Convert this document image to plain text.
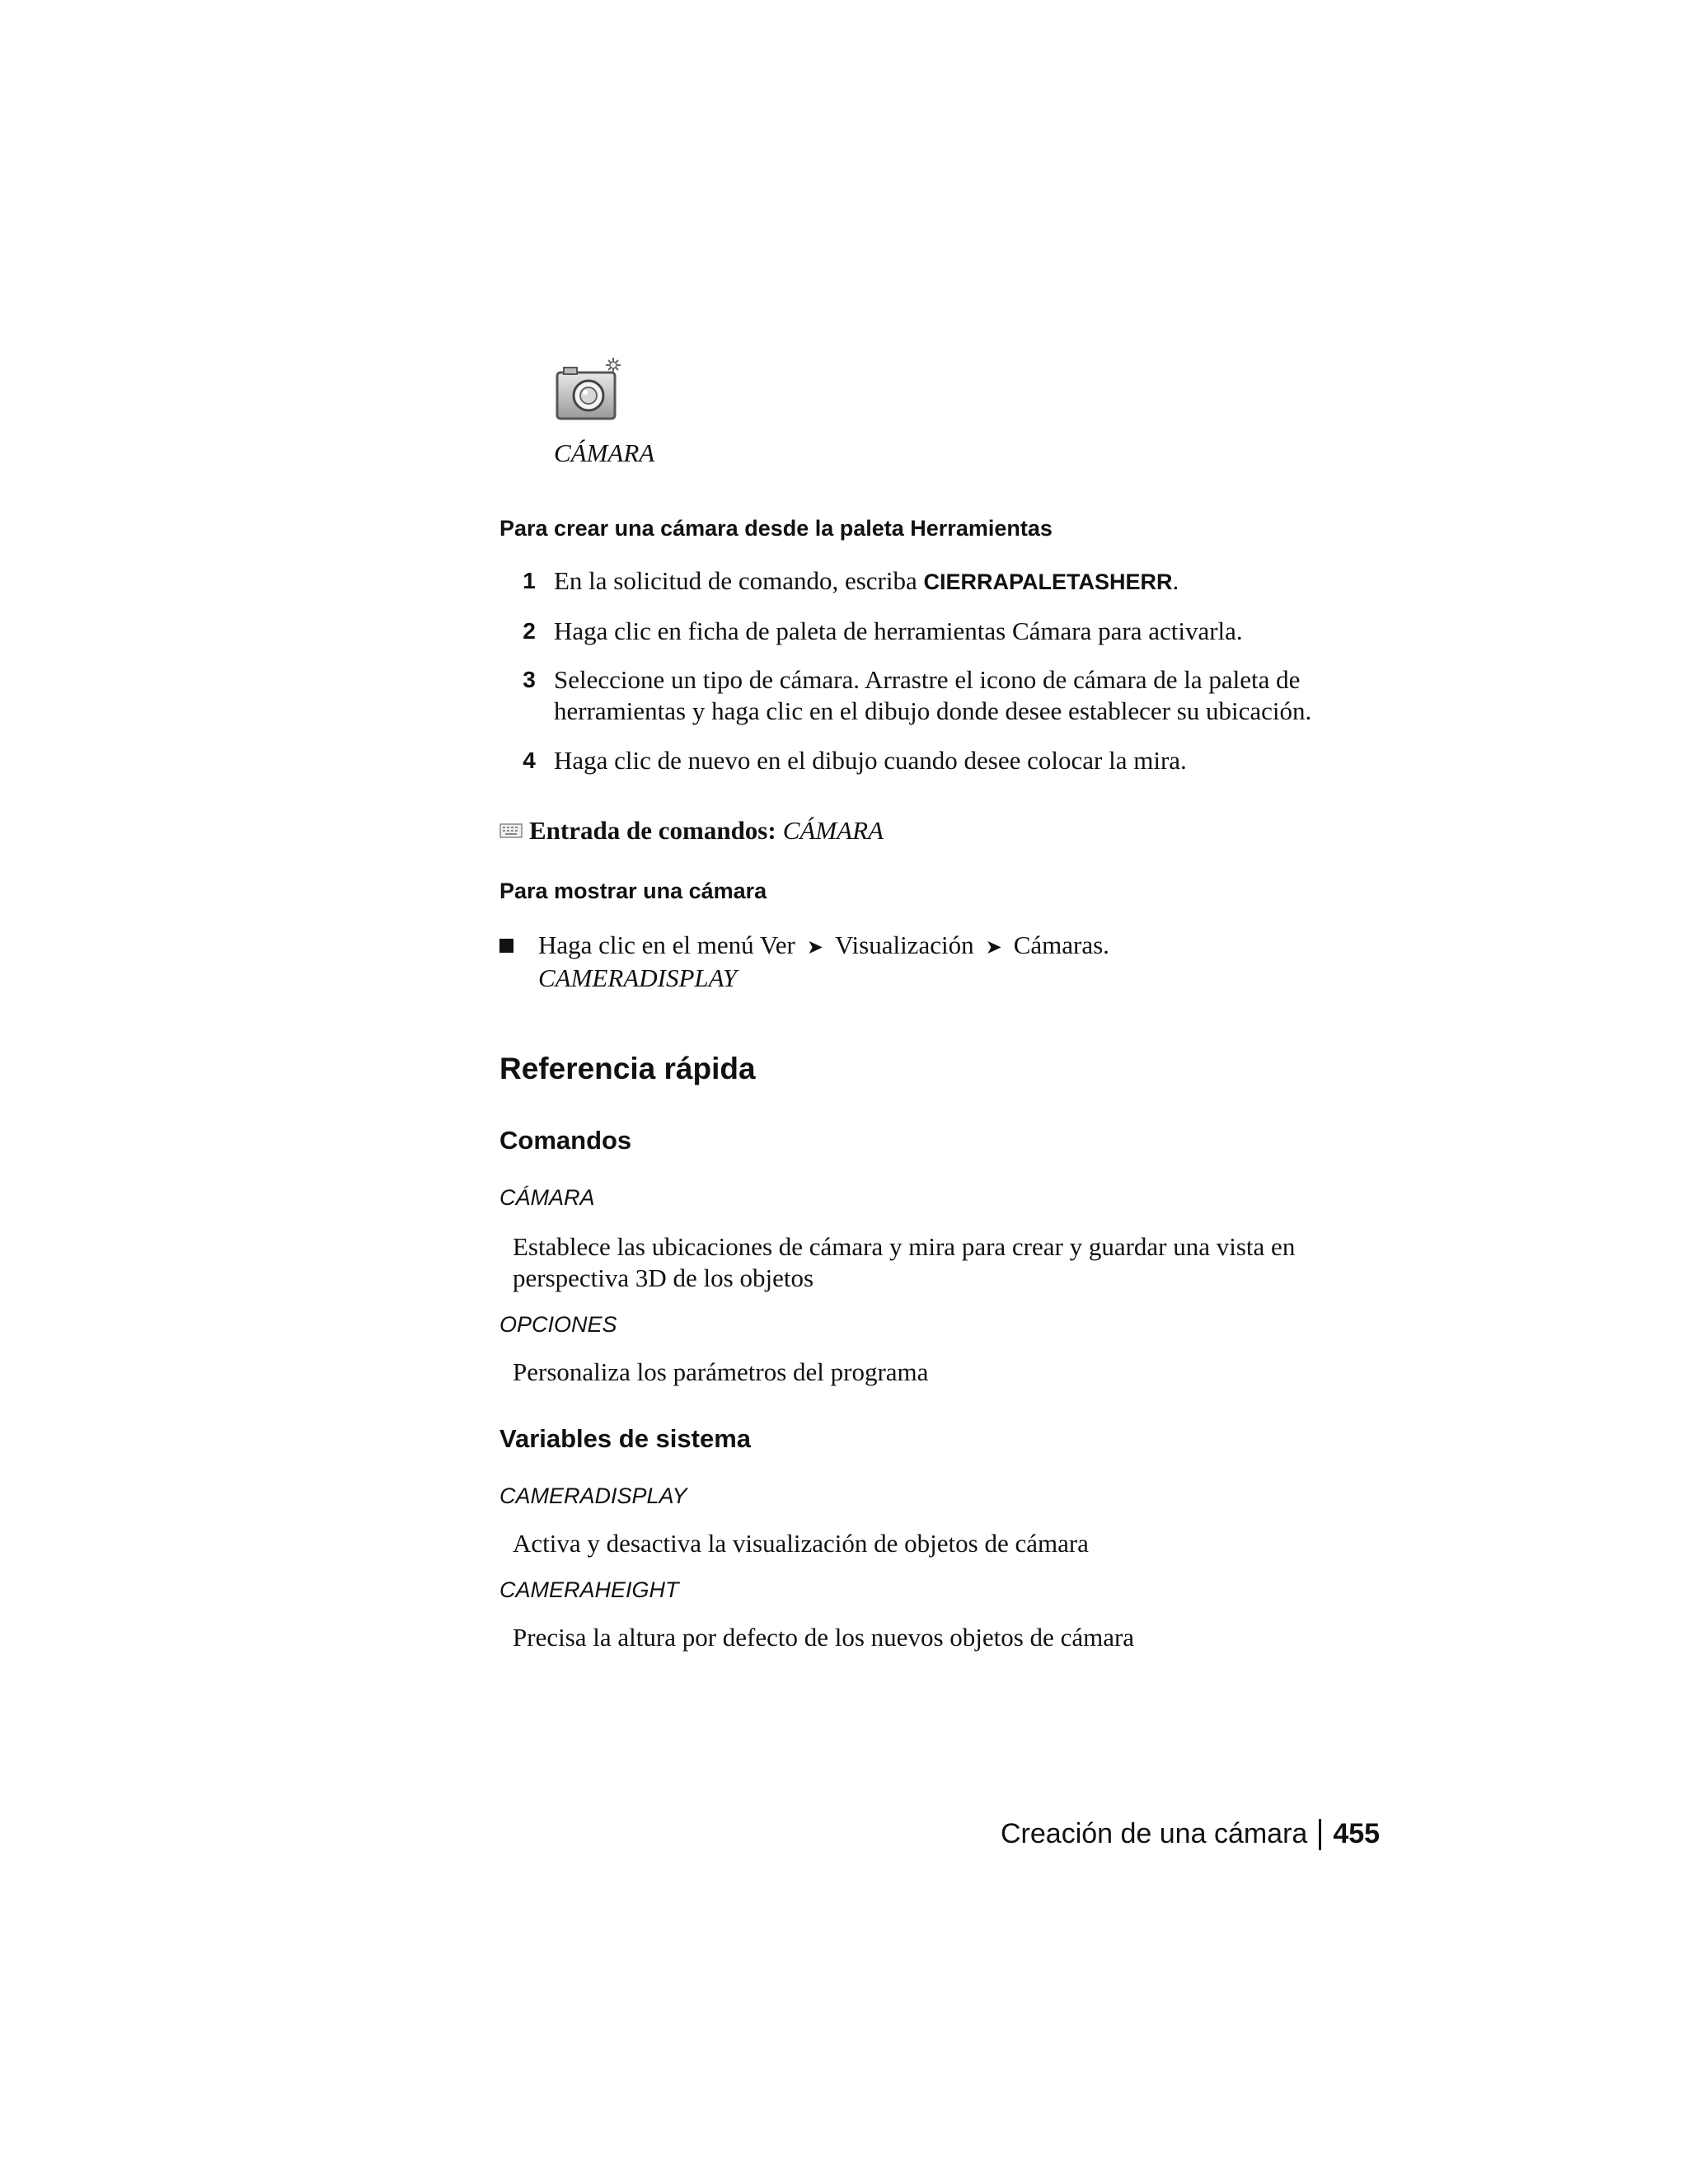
CÁMARA
Para crear una cámara desde la paleta Herramientas
1 En la solicitud de comando, escriba CIERRAPALETASHERR.
2 Haga clic en ficha de paleta de herramientas Cámara para activarla.
3 Seleccione un tipo de cámara. Arrastre el icono de cámara de la paleta de herramientas y haga clic en el dibujo donde desee establecer su ubicación.
4 Haga clic de nuevo en el dibujo cuando desee colocar la mira.
Entrada de comandos: CÁMARA
Para mostrar una cámara
Haga clic en el menú Ver ➤ Visualización ➤ Cámaras.
CAMERADISPLAY
Referencia rápida
Comandos
CÁMARA
Establece las ubicaciones de cámara y mira para crear y guardar una vista en perspectiva 3D de los objetos
OPCIONES
Personaliza los parámetros del programa
Variables de sistema
CAMERADISPLAY
Activa y desactiva la visualización de objetos de cámara
CAMERAHEIGHT
Precisa la altura por defecto de los nuevos objetos de cámara
Creación de una cámara 455
